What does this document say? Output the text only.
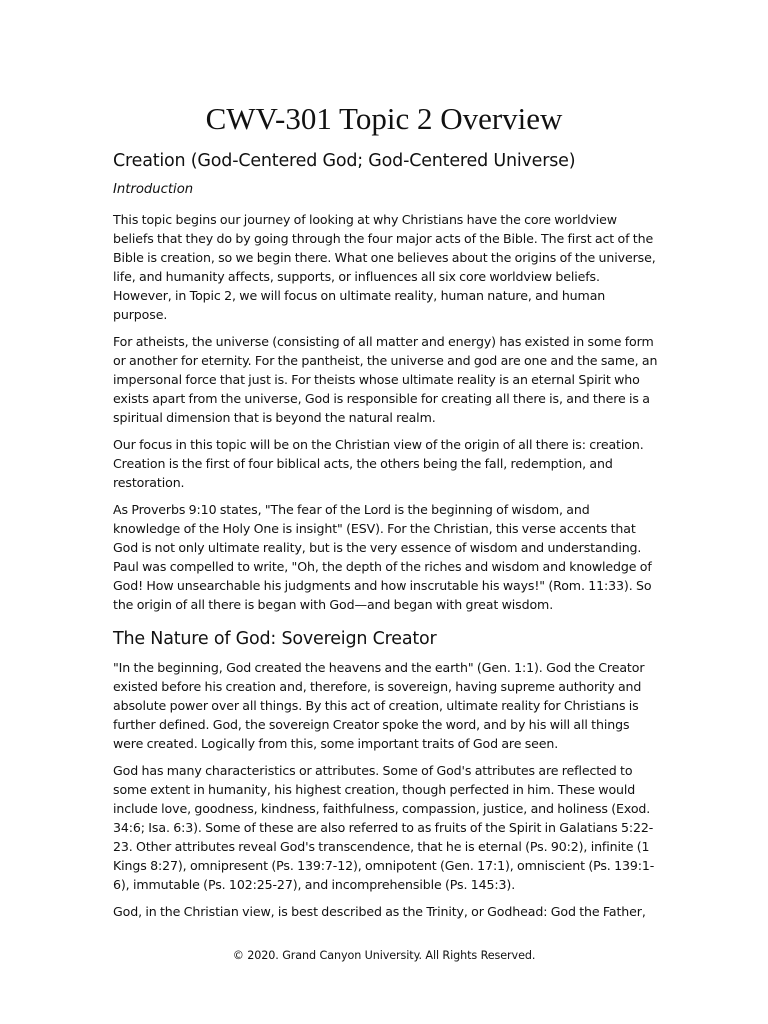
CWV-301 Topic 2 Overview
Creation (God-Centered God; God-Centered Universe)
Introduction

This topic begins our journey of looking at why Christians have the core worldview beliefs that they do by going through the four major acts of the Bible. The first act of the Bible is creation, so we begin there. What one believes about the origins of the universe, life, and humanity affects, supports, or influences all six core worldview beliefs. However, in Topic 2, we will focus on ultimate reality, human nature, and human purpose.

For atheists, the universe (consisting of all matter and energy) has existed in some form or another for eternity. For the pantheist, the universe and god are one and the same, an impersonal force that just is. For theists whose ultimate reality is an eternal Spirit who exists apart from the universe, God is responsible for creating all there is, and there is a spiritual dimension that is beyond the natural realm.

Our focus in this topic will be on the Christian view of the origin of all there is: creation. Creation is the first of four biblical acts, the others being the fall, redemption, and restoration.

As Proverbs 9:10 states, "The fear of the Lord is the beginning of wisdom, and knowledge of the Holy One is insight" (ESV). For the Christian, this verse accents that God is not only ultimate reality, but is the very essence of wisdom and understanding. Paul was compelled to write, "Oh, the depth of the riches and wisdom and knowledge of God! How unsearchable his judgments and how inscrutable his ways!" (Rom. 11:33). So the origin of all there is began with God—and began with great wisdom.

The Nature of God: Sovereign Creator

"In the beginning, God created the heavens and the earth" (Gen. 1:1). God the Creator existed before his creation and, therefore, is sovereign, having supreme authority and absolute power over all things. By this act of creation, ultimate reality for Christians is further defined. God, the sovereign Creator spoke the word, and by his will all things were created. Logically from this, some important traits of God are seen.

God has many characteristics or attributes. Some of God's attributes are reflected to some extent in humanity, his highest creation, though perfected in him. These would include love, goodness, kindness, faithfulness, compassion, justice, and holiness (Exod. 34:6; Isa. 6:3). Some of these are also referred to as fruits of the Spirit in Galatians 5:22-23. Other attributes reveal God's transcendence, that he is eternal (Ps. 90:2), infinite (1 Kings 8:27), omnipresent (Ps. 139:7-12), omnipotent (Gen. 17:1), omniscient (Ps. 139:1-6), immutable (Ps. 102:25-27), and incomprehensible (Ps. 145:3).

God, in the Christian view, is best described as the Trinity, or Godhead: God the Father,

© 2020. Grand Canyon University. All Rights Reserved.
